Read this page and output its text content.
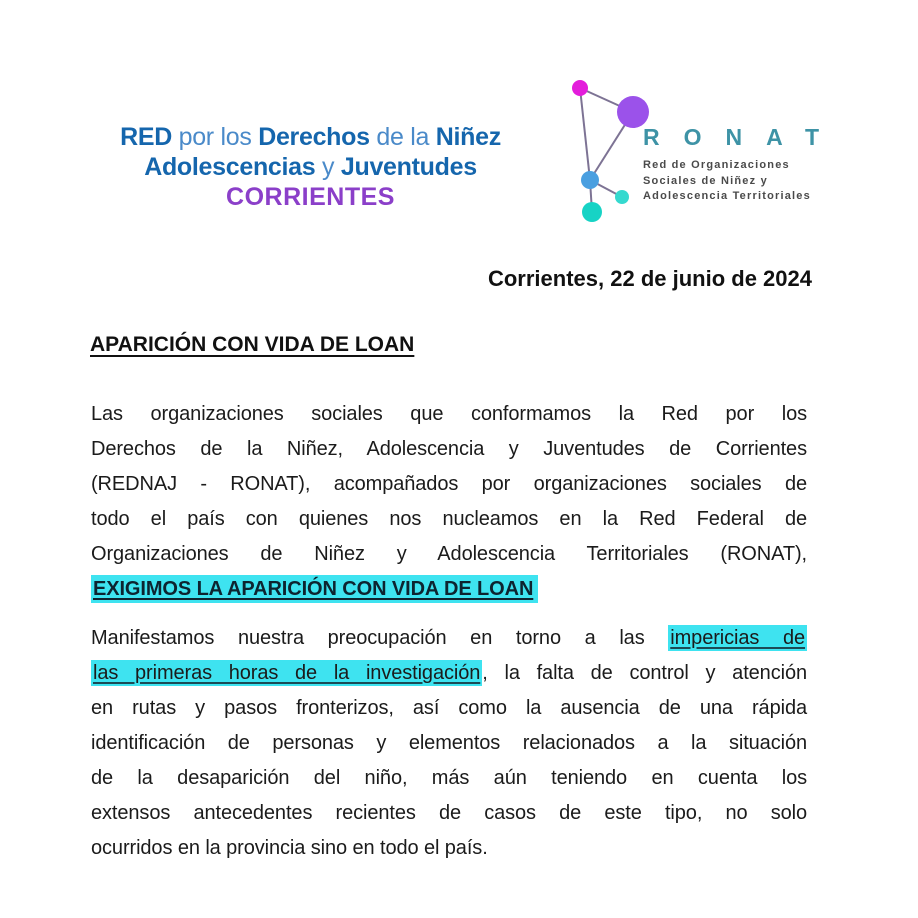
RED por los Derechos de la Niñez
Adolescencias y Juventudes
CORRIENTES
RONAT
Red de Organizaciones
Sociales de Niñez y
Adolescencia Territoriales
Corrientes, 22 de junio de 2024
APARICIÓN CON VIDA DE LOAN
Las organizaciones sociales que conformamos la Red por los
Derechos de la Niñez, Adolescencia y Juventudes de Corrientes
(REDNAJ - RONAT), acompañados por organizaciones sociales de
todo el país con quienes nos nucleamos en la Red Federal de
Organizaciones de Niñez y Adolescencia Territoriales (RONAT),
EXIGIMOS LA APARICIÓN CON VIDA DE LOAN
Manifestamos nuestra preocupación en torno a las impericias de
las primeras horas de la investigación , la falta de control y atención
en rutas y pasos fronterizos, así como la ausencia de una rápida
identificación de personas y elementos relacionados a la situación
de la desaparición del niño, más aún teniendo en cuenta los
extensos antecedentes recientes de casos de este tipo, no solo
ocurridos en la provincia sino en todo el país.
